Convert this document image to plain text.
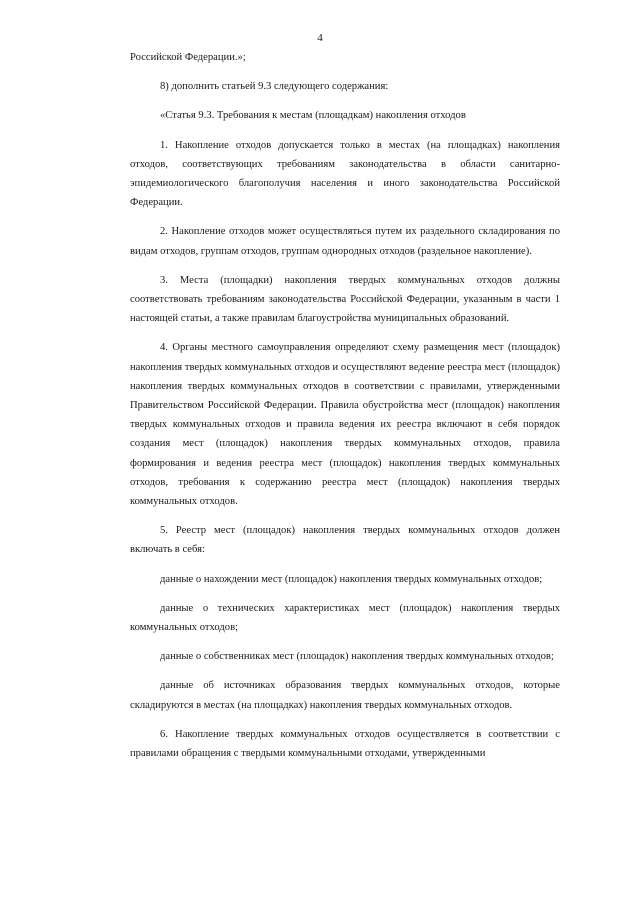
4

Российской Федерации.»;

8) дополнить статьей 9.3 следующего содержания:

«Статья 9.3. Требования к местам (площадкам) накопления отходов

1. Накопление отходов допускается только в местах (на площадках) накопления отходов, соответствующих требованиям законодательства в области санитарно-эпидемиологического благополучия населения и иного законодательства Российской Федерации.

2. Накопление отходов может осуществляться путем их раздельного складирования по видам отходов, группам отходов, группам однородных отходов (раздельное накопление).

3. Места (площадки) накопления твердых коммунальных отходов должны соответствовать требованиям законодательства Российской Федерации, указанным в части 1 настоящей статьи, а также правилам благоустройства муниципальных образований.

4. Органы местного самоуправления определяют схему размещения мест (площадок) накопления твердых коммунальных отходов и осуществляют ведение реестра мест (площадок) накопления твердых коммунальных отходов в соответствии с правилами, утвержденными Правительством Российской Федерации. Правила обустройства мест (площадок) накопления твердых коммунальных отходов и правила ведения их реестра включают в себя порядок создания мест (площадок) накопления твердых коммунальных отходов, правила формирования и ведения реестра мест (площадок) накопления твердых коммунальных отходов, требования к содержанию реестра мест (площадок) накопления твердых коммунальных отходов.

5. Реестр мест (площадок) накопления твердых коммунальных отходов должен включать в себя:

данные о нахождении мест (площадок) накопления твердых коммунальных отходов;

данные о технических характеристиках мест (площадок) накопления твердых коммунальных отходов;

данные о собственниках мест (площадок) накопления твердых коммунальных отходов;

данные об источниках образования твердых коммунальных отходов, которые складируются в местах (на площадках) накопления твердых коммунальных отходов.

6. Накопление твердых коммунальных отходов осуществляется в соответствии с правилами обращения с твердыми коммунальными отходами, утвержденными
